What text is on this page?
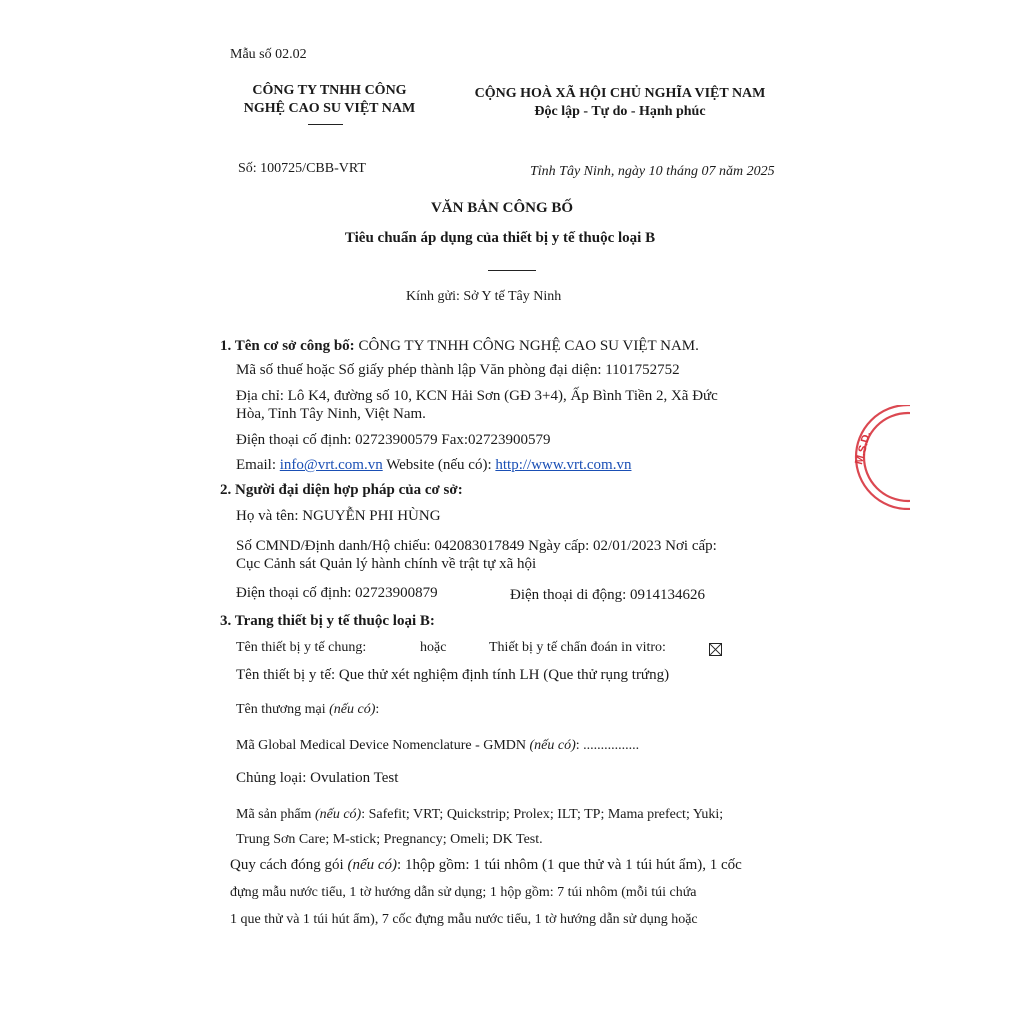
Mẫu số 02.02
CÔNG TY TNHH CÔNG
NGHỆ CAO SU VIỆT NAM
CỘNG HOÀ XÃ HỘI CHỦ NGHĨA VIỆT NAM
Độc lập - Tự do - Hạnh phúc
Số: 100725/CBB-VRT	Tỉnh Tây Ninh, ngày 10 tháng 07 năm 2025
VĂN BẢN CÔNG BỐ
Tiêu chuẩn áp dụng của thiết bị y tế thuộc loại B
Kính gửi: Sở Y tế Tây Ninh
1. Tên cơ sở công bố: CÔNG TY TNHH CÔNG NGHỆ CAO SU VIỆT NAM.
Mã số thuế hoặc Số giấy phép thành lập Văn phòng đại diện: 1101752752
Địa chỉ: Lô K4, đường số 10, KCN Hải Sơn (GĐ 3+4), Ấp Bình Tiền 2, Xã Đức
Hòa, Tỉnh Tây Ninh, Việt Nam.
Điện thoại cố định: 02723900579 Fax:02723900579
Email: info@vrt.com.vn Website (nếu có): http://www.vrt.com.vn
2. Người đại diện hợp pháp của cơ sở:
Họ và tên: NGUYỄN PHI HÙNG
Số CMND/Định danh/Hộ chiếu: 042083017849 Ngày cấp: 02/01/2023 Nơi cấp:
Cục Cảnh sát Quản lý hành chính về trật tự xã hội
Điện thoại cố định: 02723900879	Điện thoại di động: 0914134626
3. Trang thiết bị y tế thuộc loại B:
Tên thiết bị y tế chung:	hoặc	Thiết bị y tế chẩn đoán in vitro:
Tên thiết bị y tế: Que thử xét nghiệm định tính LH (Que thử rụng trứng)
Tên thương mại (nếu có):
Mã Global Medical Device Nomenclature - GMDN (nếu có): ................
Chủng loại: Ovulation Test
Mã sản phẩm (nếu có): Safefit; VRT; Quickstrip; Prolex; ILT; TP; Mama prefect; Yuki;
Trung Sơn Care; M-stick; Pregnancy; Omeli; DK Test.
Quy cách đóng gói (nếu có): 1hộp gồm: 1 túi nhôm (1 que thử và 1 túi hút ẩm), 1 cốc
đựng mẫu nước tiểu, 1 tờ hướng dẫn sử dụng; 1 hộp gồm: 7 túi nhôm (mỗi túi chứa
1 que thử và 1 túi hút ẩm), 7 cốc đựng mẫu nước tiểu, 1 tờ hướng dẫn sử dụng hoặc
M.S.D.
